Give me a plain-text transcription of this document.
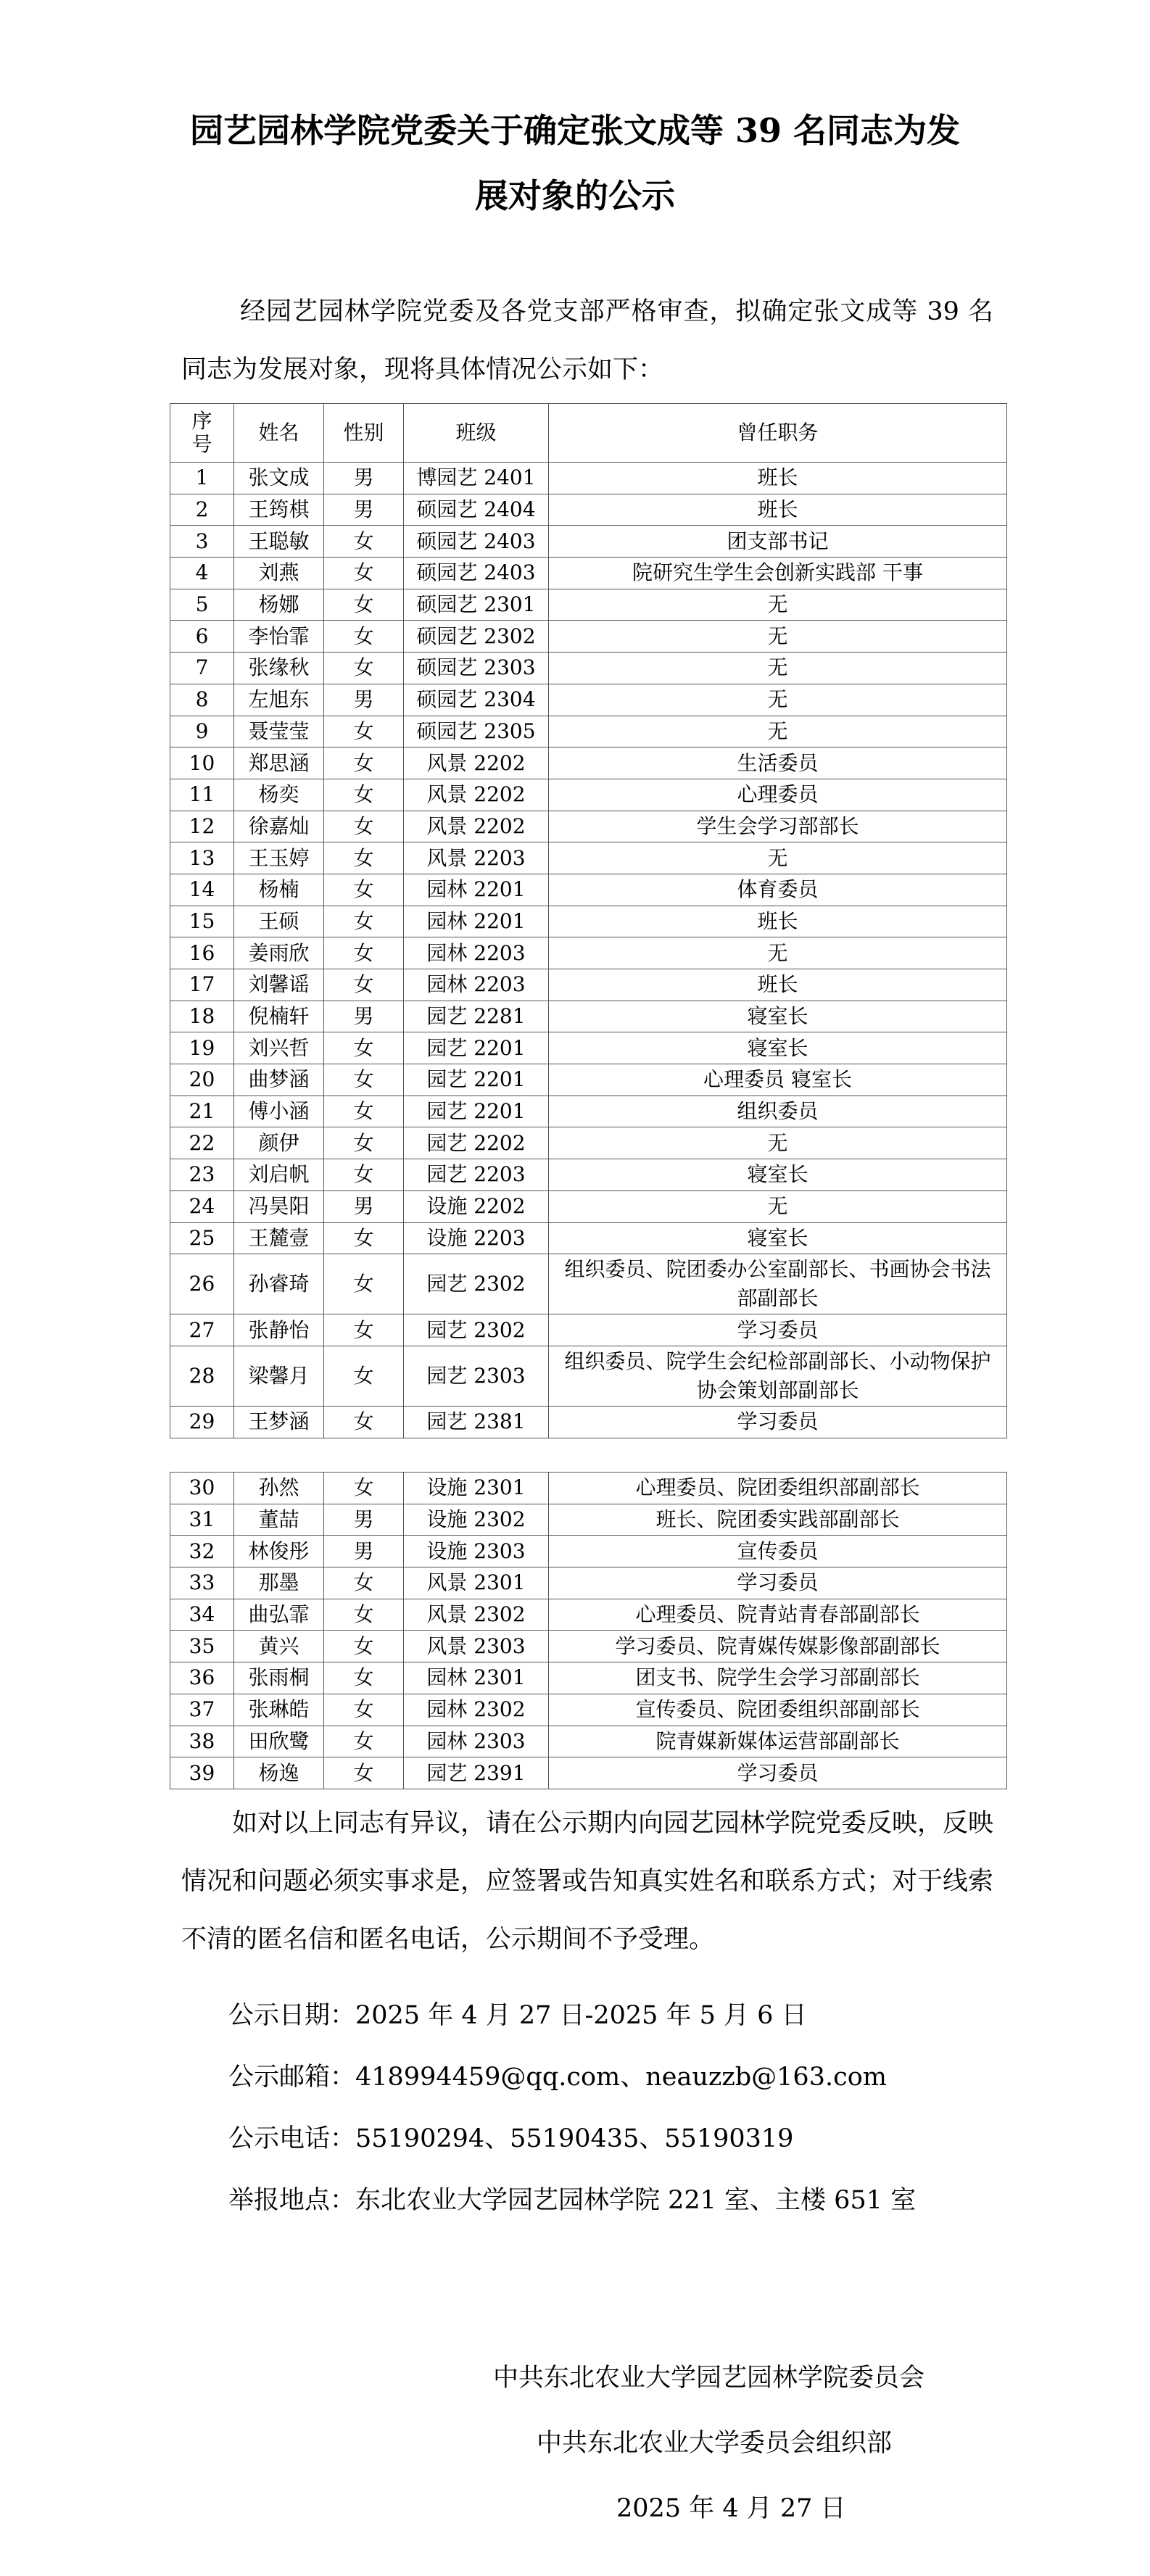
园艺园林学院党委关于确定张文成等 39 名同志为发
展对象的公示
经园艺园林学院党委及各党支部严格审查，拟确定张文成等 39 名同志为发展对象，现将具体情况公示如下：
序号	姓名	性别	班级	曾任职务
1	张文成	男	博园艺 2401	班长
2	王筠棋	男	硕园艺 2404	班长
3	王聪敏	女	硕园艺 2403	团支部书记
4	刘燕	女	硕园艺 2403	院研究生学生会创新实践部 干事
5	杨娜	女	硕园艺 2301	无
6	李怡霏	女	硕园艺 2302	无
7	张缘秋	女	硕园艺 2303	无
8	左旭东	男	硕园艺 2304	无
9	聂莹莹	女	硕园艺 2305	无
10	郑思涵	女	风景 2202	生活委员
11	杨奕	女	风景 2202	心理委员
12	徐嘉灿	女	风景 2202	学生会学习部部长
13	王玉婷	女	风景 2203	无
14	杨楠	女	园林 2201	体育委员
15	王硕	女	园林 2201	班长
16	姜雨欣	女	园林 2203	无
17	刘馨谣	女	园林 2203	班长
18	倪楠轩	男	园艺 2281	寝室长
19	刘兴哲	女	园艺 2201	寝室长
20	曲梦涵	女	园艺 2201	心理委员 寝室长
21	傅小涵	女	园艺 2201	组织委员
22	颜伊	女	园艺 2202	无
23	刘启帆	女	园艺 2203	寝室长
24	冯昊阳	男	设施 2202	无
25	王麓壹	女	设施 2203	寝室长
26	孙睿琦	女	园艺 2302	组织委员、院团委办公室副部长、书画协会书法部副部长
27	张静怡	女	园艺 2302	学习委员
28	梁馨月	女	园艺 2303	组织委员、院学生会纪检部副部长、小动物保护协会策划部副部长
29	王梦涵	女	园艺 2381	学习委员
30	孙然	女	设施 2301	心理委员、院团委组织部副部长
31	董喆	男	设施 2302	班长、院团委实践部副部长
32	林俊彤	男	设施 2303	宣传委员
33	那墨	女	风景 2301	学习委员
34	曲弘霏	女	风景 2302	心理委员、院青站青春部副部长
35	黄兴	女	风景 2303	学习委员、院青媒传媒影像部副部长
36	张雨桐	女	园林 2301	团支书、院学生会学习部副部长
37	张琳皓	女	园林 2302	宣传委员、院团委组织部副部长
38	田欣鹭	女	园林 2303	院青媒新媒体运营部副部长
39	杨逸	女	园艺 2391	学习委员
如对以上同志有异议，请在公示期内向园艺园林学院党委反映，反映情况和问题必须实事求是，应签署或告知真实姓名和联系方式；对于线索不清的匿名信和匿名电话，公示期间不予受理。
公示日期：2025 年 4 月 27 日-2025 年 5 月 6 日
公示邮箱：418994459@qq.com、neauzzb@163.com
公示电话：55190294、55190435、55190319
举报地点：东北农业大学园艺园林学院 221 室、主楼 651 室
中共东北农业大学园艺园林学院委员会
中共东北农业大学委员会组织部
2025 年 4 月 27 日
